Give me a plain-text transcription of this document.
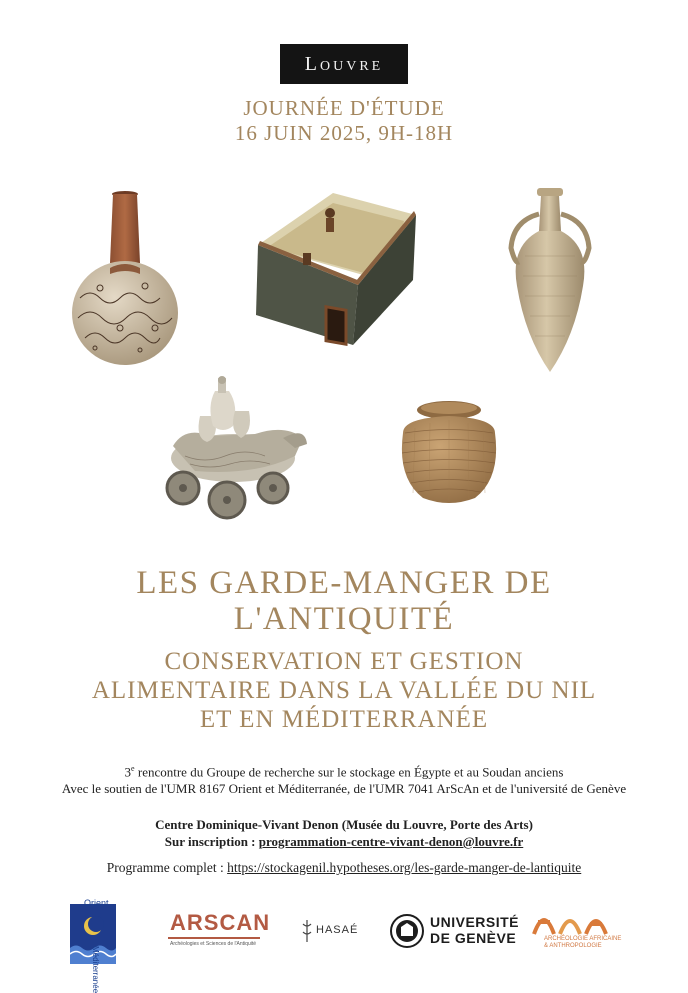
Louvre
JOURNÉE D'ÉTUDE
16 JUIN 2025, 9H-18H
LES GARDE-MANGER DE
L'ANTIQUITÉ
CONSERVATION ET GESTION
ALIMENTAIRE DANS LA VALLÉE DU NIL
ET EN MÉDITERRANÉE
3e rencontre du Groupe de recherche sur le stockage en Égypte et au Soudan anciens
Avec le soutien de l'UMR 8167 Orient et Méditerranée, de l'UMR 7041 ArScAn et de l'université de Genève
Centre Dominique-Vivant Denon (Musée du Louvre, Porte des Arts)
Sur inscription : programmation-centre-vivant-denon@louvre.fr
Programme complet : https://stockagenil.hypotheses.org/les-garde-manger-de-lantiquite
Orient
Méditerranée
ARSCAN
Archéologies et Sciences de l'Antiquité
HASAÉ	UNIVERSITÉ
DE GENÈVE	ARCHÉOLOGIE AFRICAINE
& ANTHROPOLOGIE
